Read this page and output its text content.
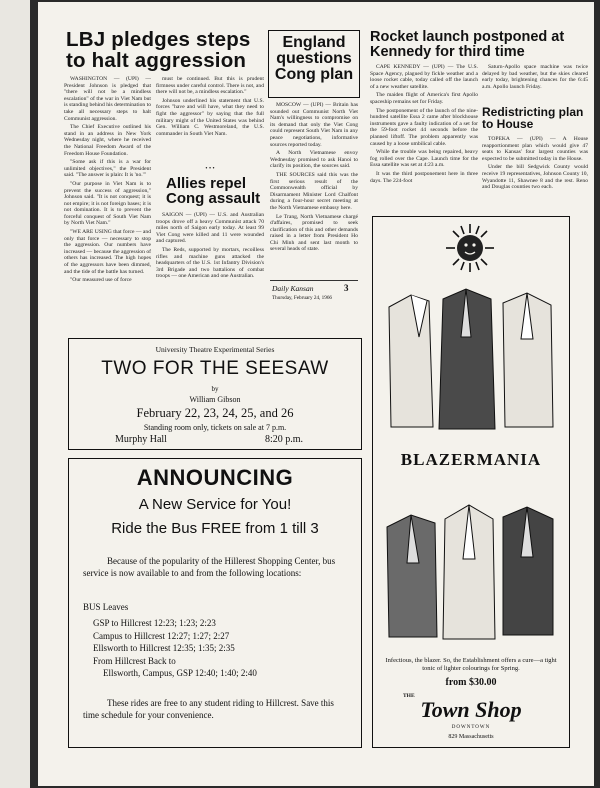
LBJ pledges steps to halt aggression

WASHINGTON — (UPI) — President Johnson is pledged that "there will not be a mindless escalation" of the war in Viet Nam but is standing behind his determination to take all necessary steps to halt Communist aggression.

The Chief Executive outlined his stand in an address in New York Wednesday night, where he received the National Freedom Award of the Freedom House Foundation.

"Some ask if this is a war for unlimited objectives," the President said. "The answer is plain: It is 'no.'"

"Our purpose in Viet Nam is to prevent the success of aggression," Johnson said. "It is not conquest; it is not empire; it is not foreign bases; it is not domination. It is to prevent the forceful conquest of South Viet Nam by North Viet Nam."

"WE ARE USING that force — and only that force — necessary to stop the aggression. Our numbers have increased — because the aggression of others has increased. The high hopes of the aggressors have been dimmed, and the tide of the battle has turned.

"Our measured use of force

must be continued. But this is prudent firmness under careful control. There is not, and there will not be, a mindless escalation."

Johnson underlined his statement that U.S. forces "have and will have, what they need to fight the aggressor" by saying that the full military might of the United States was behind Gen. William C. Westmoreland, the U.S. commander in South Viet Nam.

• • •
Allies repel Cong assault

SAIGON — (UPI) — U.S. and Australian troops drove off a heavy Communist attack 70 miles north of Saigon early today. At least 99 Viet Cong were killed and 11 were wounded and captured.

The Reds, supported by mortars, recoilless rifles and machine guns attacked the headquarters of the U.S. 1st Infantry Division's 3rd Brigade and two battalions of combat troops — one American and one Australian.

England questions Cong plan

MOSCOW — (UPI) — Britain has sounded out Communist North Viet Nam's willingness to compromise on its demand that only the Viet Cong could represent South Viet Nam in any peace negotiations, informative sources reported today.

A North Vietnamese envoy Wednesday promised to ask Hanoi to clarify its position, the sources said.

THE SOURCES said this was the first serious result of the Commonwealth official by Disarmament Minister Lord Chalfont during a four-hour secret meeting at the North Vietnamese embassy here.

Le Trang, North Vietnamese chargé d'affaires, promised to seek clarification of this and other demands raised in a letter from President Ho Chi Minh and sent last month to several heads of state.

Daily Kansan	3
Thursday, February 24, 1966
Rocket launch postponed at Kennedy for third time

CAPE KENNEDY — (UPI) — The U.S. Space Agency, plagued by fickle weather and a loose rocket cable, today called off the launch of a new weather satellite.

The maiden flight of America's first Apollo spaceship remains set for Friday.

The postponement of the launch of the nine-hundred satellite Essa 2 came after blockhouse instruments gave a faulty indication of a set for the 59-foot rocket 44 seconds before the planned liftoff. The problem apparently was caused by a loose umbilical cable.

While the trouble was being repaired, heavy fog rolled over the Cape. Launch time for the Essa satellite was set at 4:23 a.m.

It was the third postponement here in three days. The 224-foot

Saturn-Apollo space machine was twice delayed by bad weather, but the skies cleared early today, brightening chances for the 6:45 a.m. Apollo launch Friday.

Redistricting plan to House

TOPEKA — (UPI) — A House reapportionment plan which would give 47 seats to Kansas' four largest counties was expected to be submitted today in the House.

Under the bill Sedgwick County would receive 19 representatives, Johnson County 10, Wyandotte 11, Shawnee 8 and the rest. Reno and Douglas counties two each.

University Theatre Experimental Series
TWO FOR THE SEESAW
by
William Gibson
February 22, 23, 24, 25, and 26
Standing room only, tickets on sale at 7 p.m.
Murphy Hall	8:20 p.m.
ANNOUNCING
A New Service for You!
Ride the Bus FREE from 1 till 3
Because of the popularity of the Hillerest Shopping Center, bus service is now available to and from the following locations:
BUS Leaves
GSP to Hillcrest 12:23; 1:23; 2:23
Campus to Hillcrest 12:27; 1:27; 2:27
Ellsworth to Hillcrest 12:35; 1:35; 2:35
From Hillcrest Back to
Ellsworth, Campus, GSP 12:40; 1:40; 2:40
These rides are free to any student riding to Hillcrest. Save this time schedule for your convenience.
BLAZERMANIA
Infectious, the blazer. So, the Establishment offers a cure—a tight tonic of lighter colourings for Spring.
from $30.00
THE
Town Shop
DOWNTOWN
829 Massachusetts
